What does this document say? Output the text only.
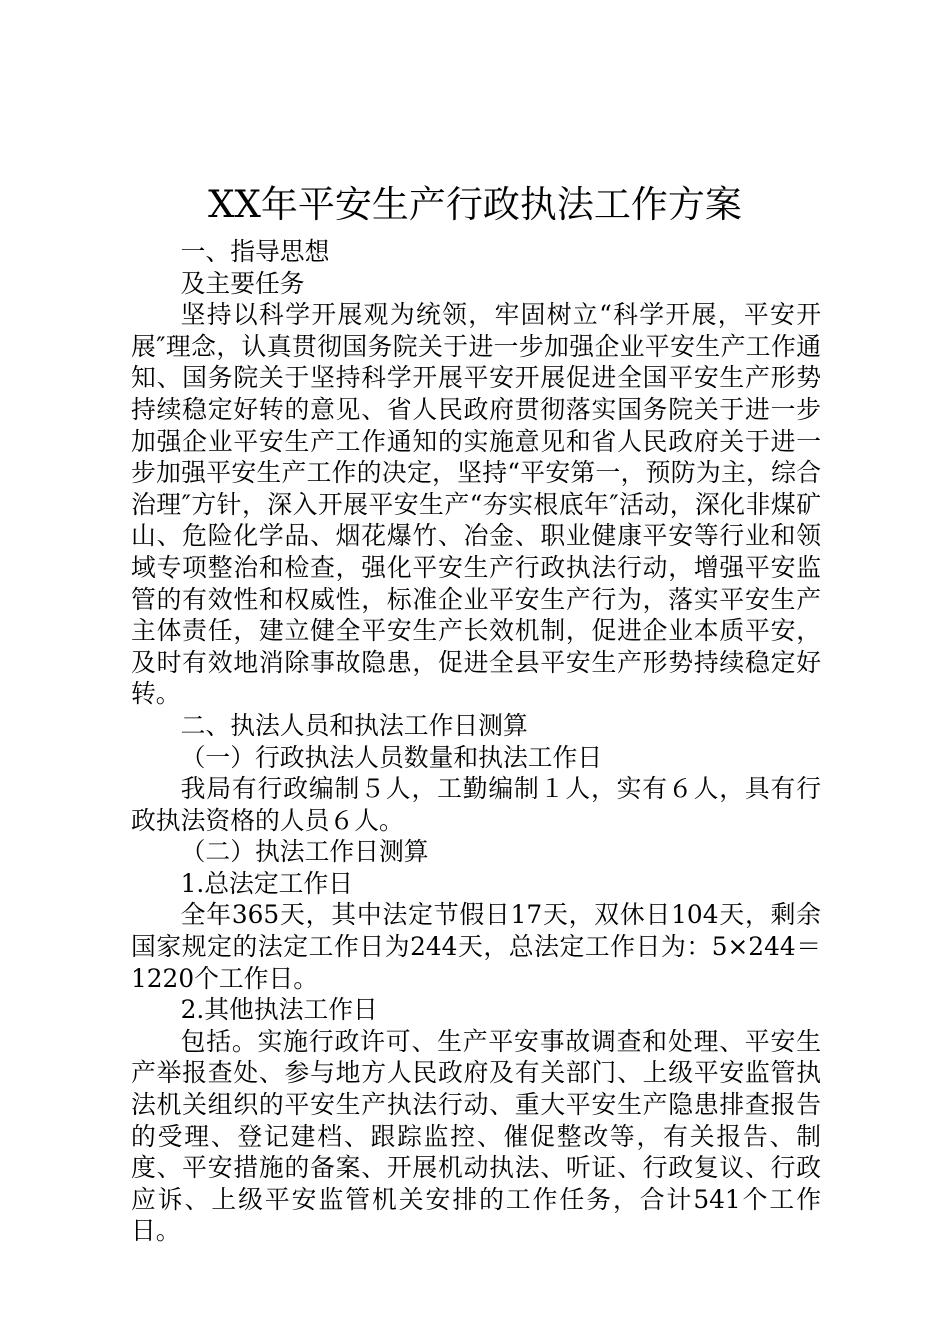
XX年平安生产行政执法工作方案

一、指导思想

及主要任务

坚持以科学开展观为统领，牢固树立“科学开展，平安开展″理念，认真贯彻国务院关于进一步加强企业平安生产工作通知、国务院关于坚持科学开展平安开展促进全国平安生产形势持续稳定好转的意见、省人民政府贯彻落实国务院关于进一步加强企业平安生产工作通知的实施意见和省人民政府关于进一步加强平安生产工作的决定，坚持“平安第一，预防为主，综合治理″方针，深入开展平安生产“夯实根底年″活动，深化非煤矿山、危险化学品、烟花爆竹、冶金、职业健康平安等行业和领域专项整治和检查，强化平安生产行政执法行动，增强平安监管的有效性和权威性，标准企业平安生产行为，落实平安生产主体责任，建立健全平安生产长效机制，促进企业本质平安，及时有效地消除事故隐患，促进全县平安生产形势持续稳定好转。

二、执法人员和执法工作日测算

（一）行政执法人员数量和执法工作日

我局有行政编制５人，工勤编制１人，实有６人，具有行政执法资格的人员６人。

（二）执法工作日测算

1.总法定工作日

全年365天，其中法定节假日17天，双休日104天，剩余国家规定的法定工作日为244天，总法定工作日为：5×244＝1220个工作日。

2.其他执法工作日

包括。实施行政许可、生产平安事故调查和处理、平安生产举报查处、参与地方人民政府及有关部门、上级平安监管执法机关组织的平安生产执法行动、重大平安生产隐患排查报告的受理、登记建档、跟踪监控、催促整改等，有关报告、制度、平安措施的备案、开展机动执法、听证、行政复议、行政应诉、上级平安监管机关安排的工作任务，合计541个工作日。
